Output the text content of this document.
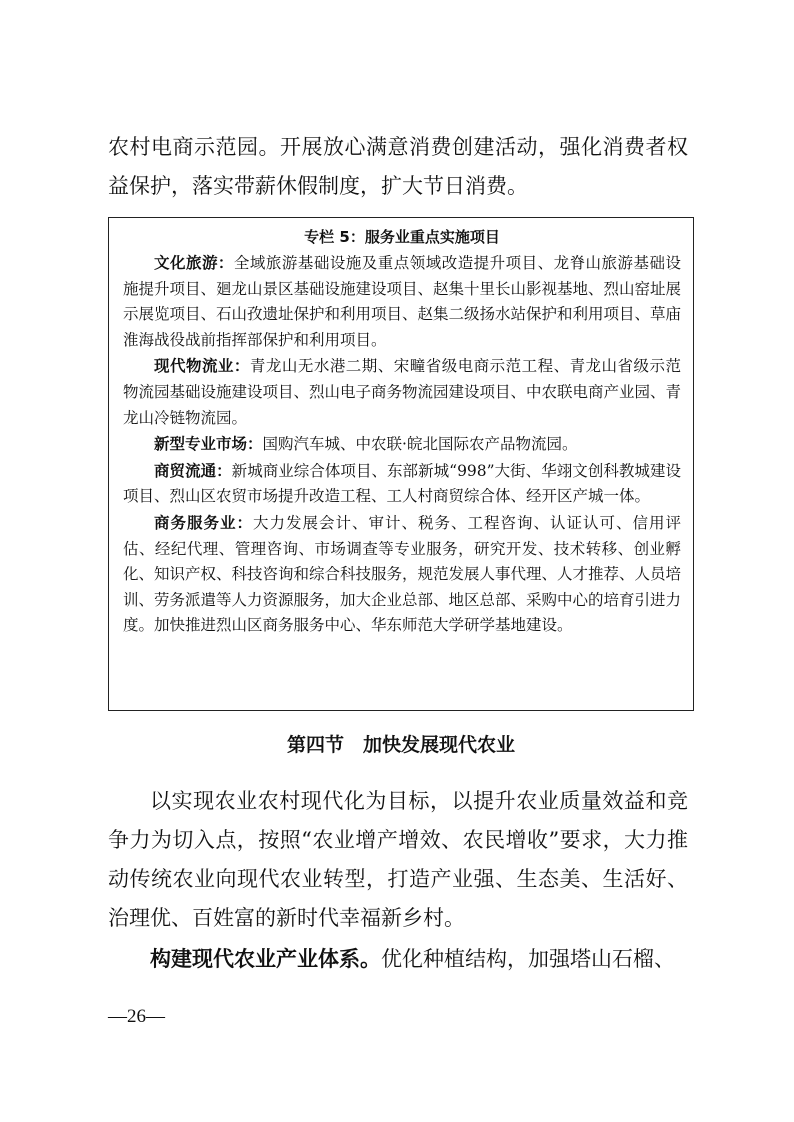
农村电商示范园。开展放心满意消费创建活动，强化消费者权益保护，落实带薪休假制度，扩大节日消费。

专栏 5：服务业重点实施项目

文化旅游：全域旅游基础设施及重点领域改造提升项目、龙脊山旅游基础设施提升项目、廻龙山景区基础设施建设项目、赵集十里长山影视基地、烈山窑址展示展览项目、石山孜遗址保护和利用项目、赵集二级扬水站保护和利用项目、草庙淮海战役战前指挥部保护和利用项目。

现代物流业：青龙山无水港二期、宋疃省级电商示范工程、青龙山省级示范物流园基础设施建设项目、烈山电子商务物流园建设项目、中农联电商产业园、青龙山冷链物流园。

新型专业市场：国购汽车城、中农联·皖北国际农产品物流园。

商贸流通：新城商业综合体项目、东部新城“998”大街、华翊文创科教城建设项目、烈山区农贸市场提升改造工程、工人村商贸综合体、经开区产城一体。

商务服务业：大力发展会计、审计、税务、工程咨询、认证认可、信用评估、经纪代理、管理咨询、市场调查等专业服务，研究开发、技术转移、创业孵化、知识产权、科技咨询和综合科技服务，规范发展人事代理、人才推荐、人员培训、劳务派遣等人力资源服务，加大企业总部、地区总部、采购中心的培育引进力度。加快推进烈山区商务服务中心、华东师范大学研学基地建设。

第四节　加快发展现代农业

以实现农业农村现代化为目标，以提升农业质量效益和竞争力为切入点，按照“农业增产增效、农民增收”要求，大力推动传统农业向现代农业转型，打造产业强、生态美、生活好、治理优、百姓富的新时代幸福新乡村。

构建现代农业产业体系。优化种植结构，加强塔山石榴、

—26—
